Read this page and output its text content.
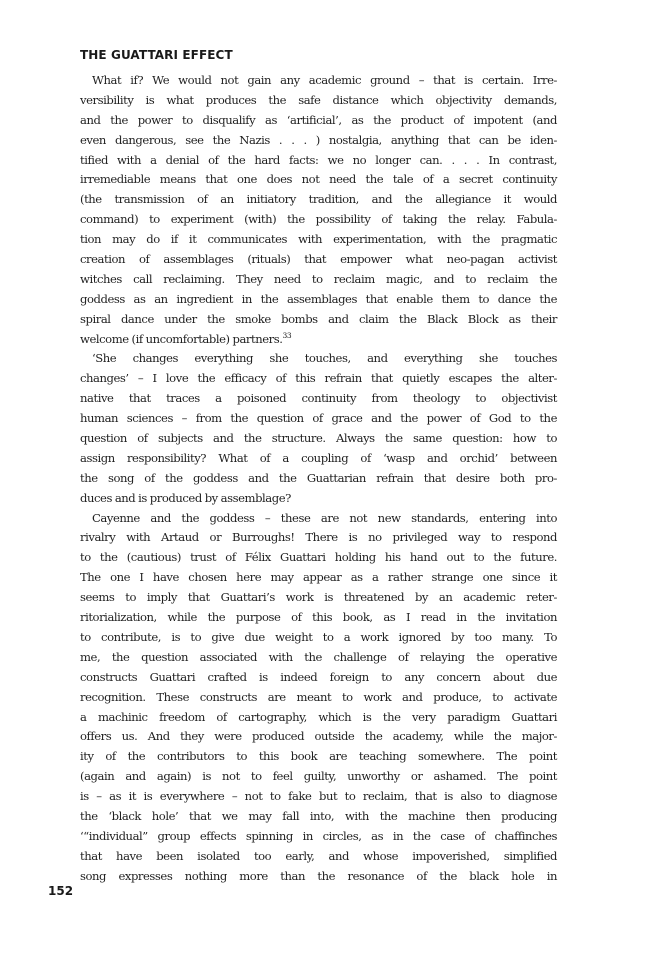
THE GUATTARI EFFECT

What if? We would not gain any academic ground – that is certain. Irre-
versibility is what produces the safe distance which objectivity demands,
and the power to disqualify as ‘artificial’, as the product of impotent (and
even dangerous, see the Nazis . . . ) nostalgia, anything that can be iden-
tified with a denial of the hard facts: we no longer can. . . . In contrast,
irremediable means that one does not need the tale of a secret continuity
(the transmission of an initiatory tradition, and the allegiance it would
command) to experiment (with) the possibility of taking the relay. Fabula-
tion may do if it communicates with experimentation, with the pragmatic
creation of assemblages (rituals) that empower what neo-pagan activist
witches call reclaiming. They need to reclaim magic, and to reclaim the
goddess as an ingredient in the assemblages that enable them to dance the
spiral dance under the smoke bombs and claim the Black Block as their
welcome (if uncomfortable) partners.$^{33}$

‘She changes everything she touches, and everything she touches
changes’ – I love the efficacy of this refrain that quietly escapes the alter-
native that traces a poisoned continuity from theology to objectivist
human sciences – from the question of grace and the power of God to the
question of subjects and the structure. Always the same question: how to
assign responsibility? What of a coupling of ‘wasp and orchid’ between
the song of the goddess and the Guattarian refrain that desire both pro-
duces and is produced by assemblage?

Cayenne and the goddess – these are not new standards, entering into
rivalry with Artaud or Burroughs! There is no privileged way to respond
to the (cautious) trust of Félix Guattari holding his hand out to the future.
The one I have chosen here may appear as a rather strange one since it
seems to imply that Guattari’s work is threatened by an academic reter-
ritorialization, while the purpose of this book, as I read in the invitation
to contribute, is to give due weight to a work ignored by too many. To
me, the question associated with the challenge of relaying the operative
constructs Guattari crafted is indeed foreign to any concern about due
recognition. These constructs are meant to work and produce, to activate
a machinic freedom of cartography, which is the very paradigm Guattari
offers us. And they were produced outside the academy, while the major-
ity of the contributors to this book are teaching somewhere. The point
(again and again) is not to feel guilty, unworthy or ashamed. The point
is – as it is everywhere – not to fake but to reclaim, that is also to diagnose
the ‘black hole’ that we may fall into, with the machine then producing
‘“individual” group effects spinning in circles, as in the case of chaffinches
that have been isolated too early, and whose impoverished, simplified
song expresses nothing more than the resonance of the black hole in

152
